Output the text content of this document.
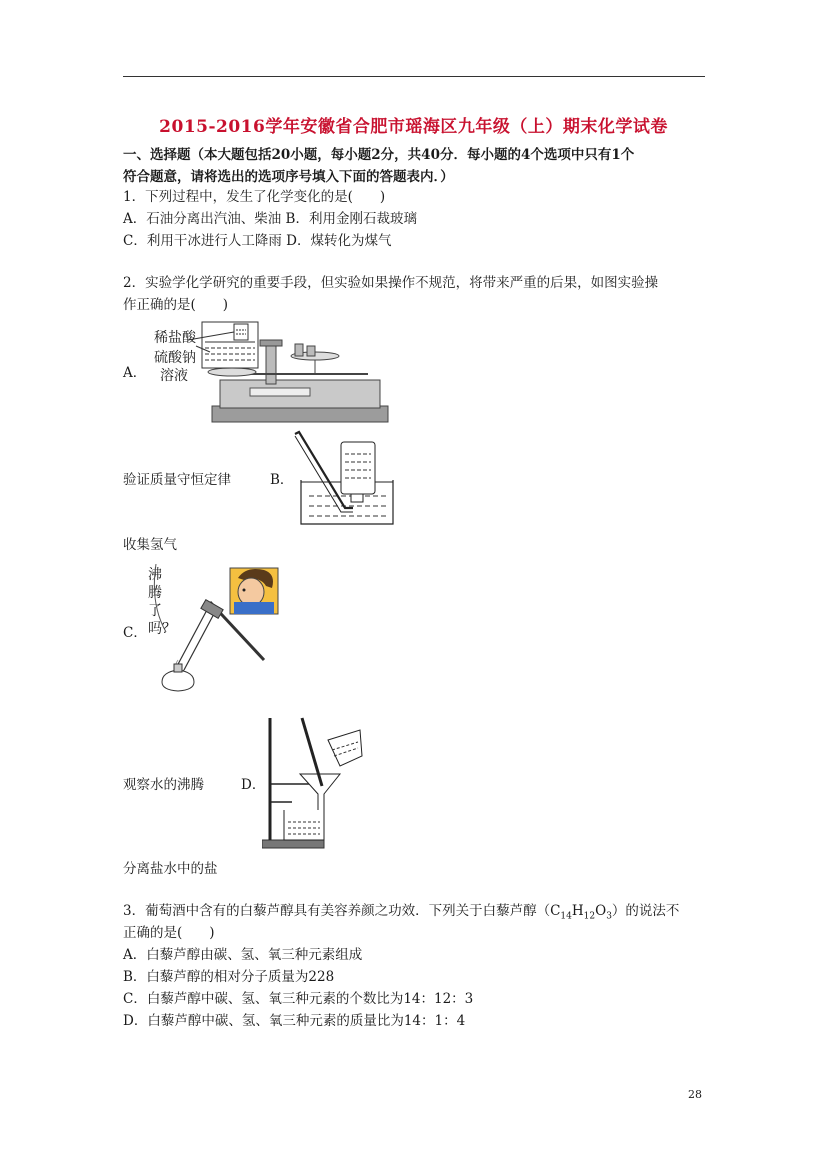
2015-2016学年安徽省合肥市瑶海区九年级（上）期末化学试卷
一、选择题（本大题包括20小题，每小题2分，共40分．每小题的4个选项中只有1个
符合题意，请将选出的选项序号填入下面的答题表内．）
1．下列过程中，发生了化学变化的是(　　)
A．石油分离出汽油、柴油 B．利用金刚石裁玻璃
C．利用干冰进行人工降雨 D．煤转化为煤气
2．实验学化学研究的重要手段，但实验如果操作不规范，将带来严重的后果，如图实验操
作正确的是(　　)
A．
稀盐酸
硫酸钠
溶液
验证质量守恒定律	B．
收集氢气
沸腾了吗？
C．
观察水的沸腾	D．
分离盐水中的盐
3．葡萄酒中含有的白藜芦醇具有美容养颜之功效．下列关于白藜芦醇$(C_{14}H_{12}O_3)$的说法不
正确的是(　　)
A．白藜芦醇由碳、氢、氧三种元素组成
B．白藜芦醇的相对分子质量为228
C．白藜芦醇中碳、氢、氧三种元素的个数比为14：12：3
D．白藜芦醇中碳、氢、氧三种元素的质量比为14：1：4
28
